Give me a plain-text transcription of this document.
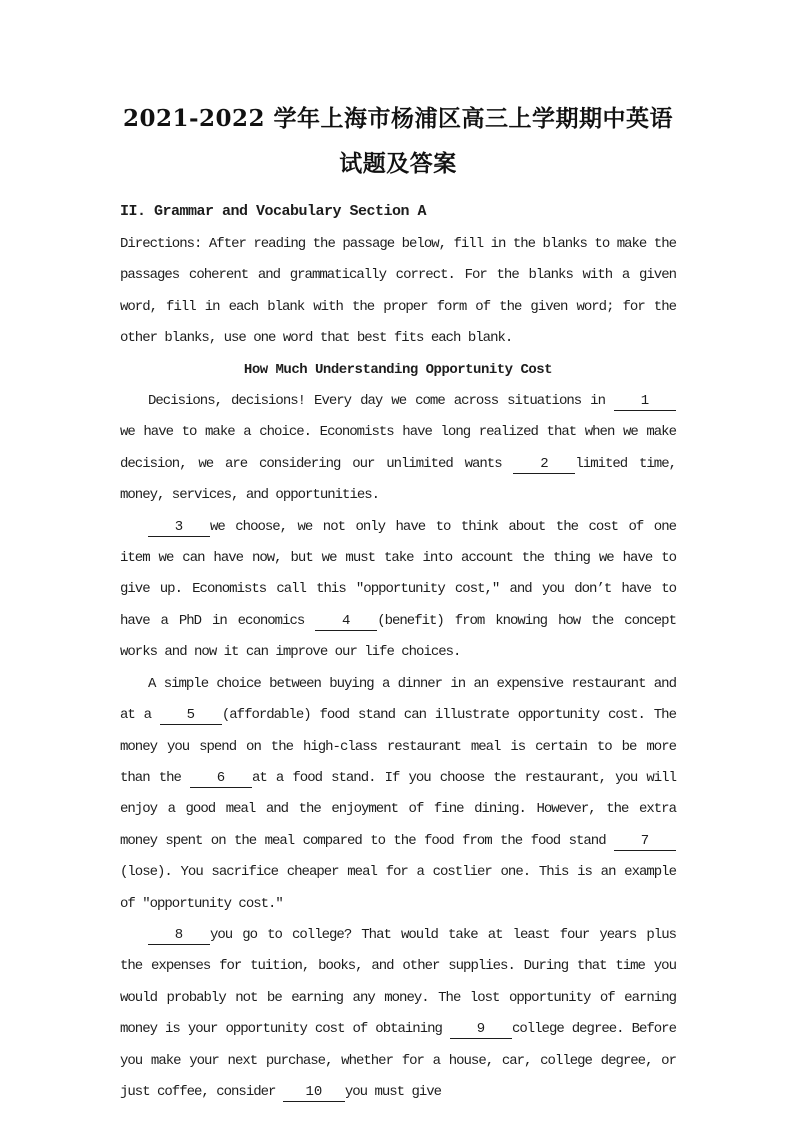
2021-2022 学年上海市杨浦区高三上学期期中英语试题及答案
II. Grammar and Vocabulary Section A

Directions: After reading the passage below, fill in the blanks to make the passages coherent and grammatically correct. For the blanks with a given word, fill in each blank with the proper form of the given word; for the other blanks, use one word that best fits each blank.

How Much Understanding Opportunity Cost

Decisions, decisions! Every day we come across situations in 1we have to make a choice. Economists have long realized that when we make decision, we are considering our unlimited wants 2 limited time, money, services, and opportunities.

3 we choose, we not only have to think about the cost of one item we can have now, but we must take into account the thing we have to give up. Economists call this ″opportunity cost,″ and you don’t have to have a PhD in economics 4 (benefit) from knowing how the concept works and now it can improve our life choices.

A simple choice between buying a dinner in an expensive restaurant and at a 5 (affordable) food stand can illustrate opportunity cost. The money you spend on the high-class restaurant meal is certain to be more than the 6 at a food stand. If you choose the restaurant, you will enjoy a good meal and the enjoyment of fine dining. However, the extra money spent on the meal compared to the food from the food stand 7(lose). You sacrifice cheaper meal for a costlier one. This is an example of ″opportunity cost.″

8 you go to college? That would take at least four years plus the expenses for tuition, books, and other supplies. During that time you would probably not be earning any money. The lost opportunity of earning money is your opportunity cost of obtaining 9 college degree. Before you make your next purchase, whether for a house, car, college degree, or just coffee, consider 10 you must give
